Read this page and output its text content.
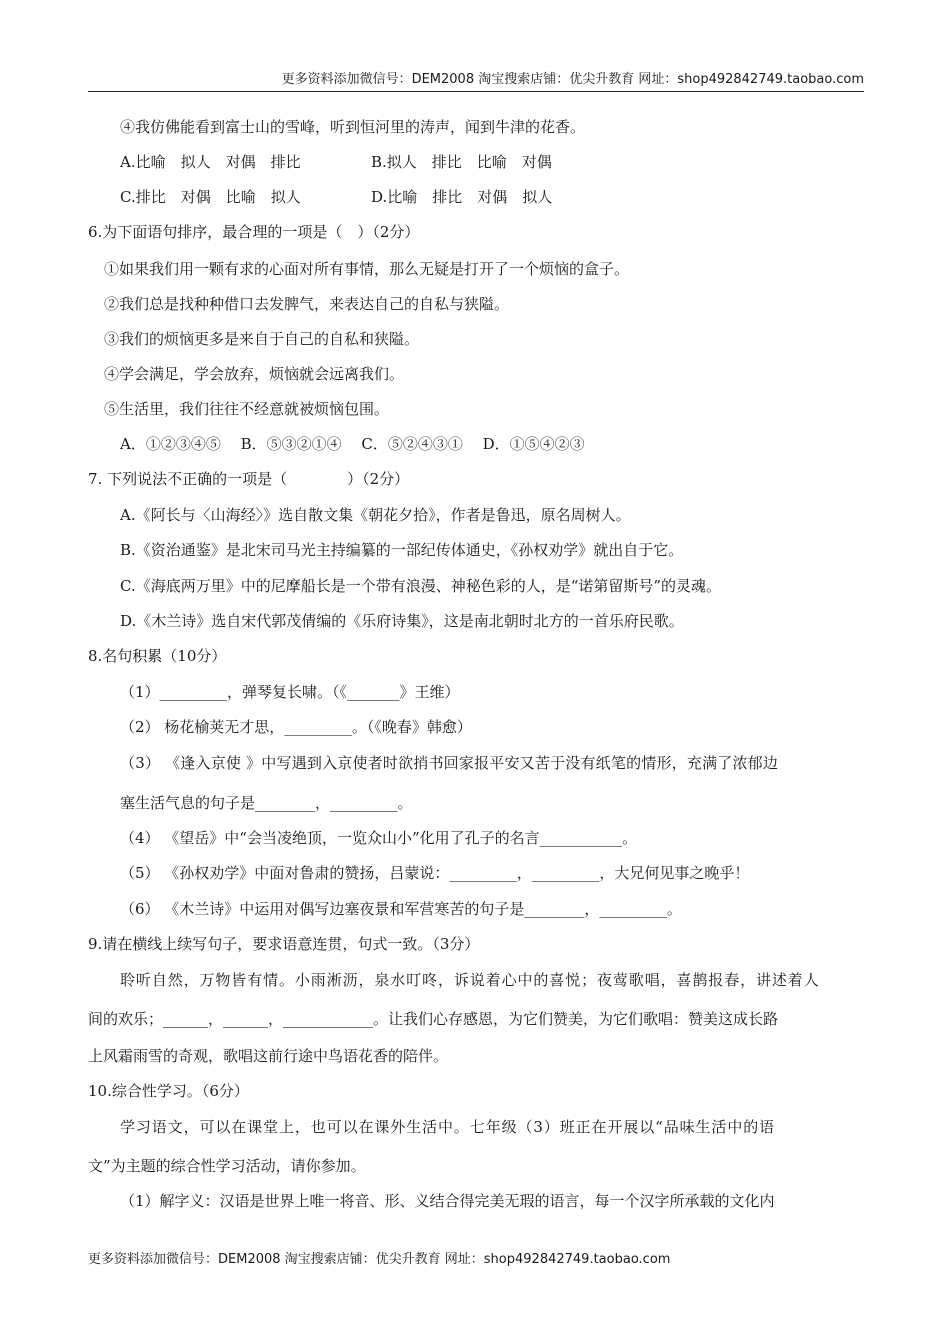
更多资料添加微信号：DEM2008 淘宝搜索店铺：优尖升教育 网址：shop492842749.taobao.com
④我仿佛能看到富士山的雪峰，听到恒河里的涛声，闻到牛津的花香。
A.比喻　拟人　对偶　排比	B.拟人　排比　比喻　对偶
C.排比　对偶　比喻　拟人	D.比喻　排比　对偶　拟人
6.为下面语句排序，最合理的一项是（　）（2分）
①如果我们用一颗有求的心面对所有事情，那么无疑是打开了一个烦恼的盒子。
②我们总是找种种借口去发脾气，来表达自己的自私与狭隘。
③我们的烦恼更多是来自于自己的自私和狭隘。
④学会满足，学会放弃，烦恼就会远离我们。
⑤生活里，我们往往不经意就被烦恼包围。
A．①②③④⑤　 B．⑤③②①④　 C．⑤②④③①　 D．①⑤④②③
7. 下列说法不正确的一项是（　　　　）（2分）
A.《阿长与〈山海经〉》选自散文集《朝花夕拾》，作者是鲁迅，原名周树人。
B.《资治通鉴》是北宋司马光主持编纂的一部纪传体通史，《孙权劝学》就出自于它。
C.《海底两万里》中的尼摩船长是一个带有浪漫、神秘色彩的人，是“诺第留斯号”的灵魂。
D.《木兰诗》选自宋代郭茂倩编的《乐府诗集》，这是南北朝时北方的一首乐府民歌。
8.名句积累（10分）
（1）_________，弹琴复长啸。（《_______》王维）
（2） 杨花榆荚无才思，_________。（《晚春》韩愈）
（3） 《逢入京使 》中写遇到入京使者时欲捎书回家报平安又苦于没有纸笔的情形，充满了浓郁边
塞生活气息的句子是________，_________。
（4） 《望岳》中“会当凌绝顶，一览众山小”化用了孔子的名言___________。
（5） 《孙权劝学》中面对鲁肃的赞扬，吕蒙说：_________，_________，大兄何见事之晚乎！
（6） 《木兰诗》中运用对偶写边塞夜景和军营寒苦的句子是________，_________。
9.请在横线上续写句子，要求语意连贯，句式一致。（3分）
聆听自然，万物皆有情。小雨淅沥，泉水叮咚，诉说着心中的喜悦；夜莺歌唱，喜鹊报春，讲述着人
间的欢乐；______，______，____________。让我们心存感恩，为它们赞美，为它们歌唱：赞美这成长路
上风霜雨雪的奇观，歌唱这前行途中鸟语花香的陪伴。
10.综合性学习。（6分）
学习语文，可以在课堂上，也可以在课外生活中。七年级（3）班正在开展以“品味生活中的语
文”为主题的综合性学习活动，请你参加。
（1）解字义：汉语是世界上唯一将音、形、义结合得完美无瑕的语言，每一个汉字所承载的文化内
更多资料添加微信号：DEM2008 淘宝搜索店铺：优尖升教育 网址：shop492842749.taobao.com
